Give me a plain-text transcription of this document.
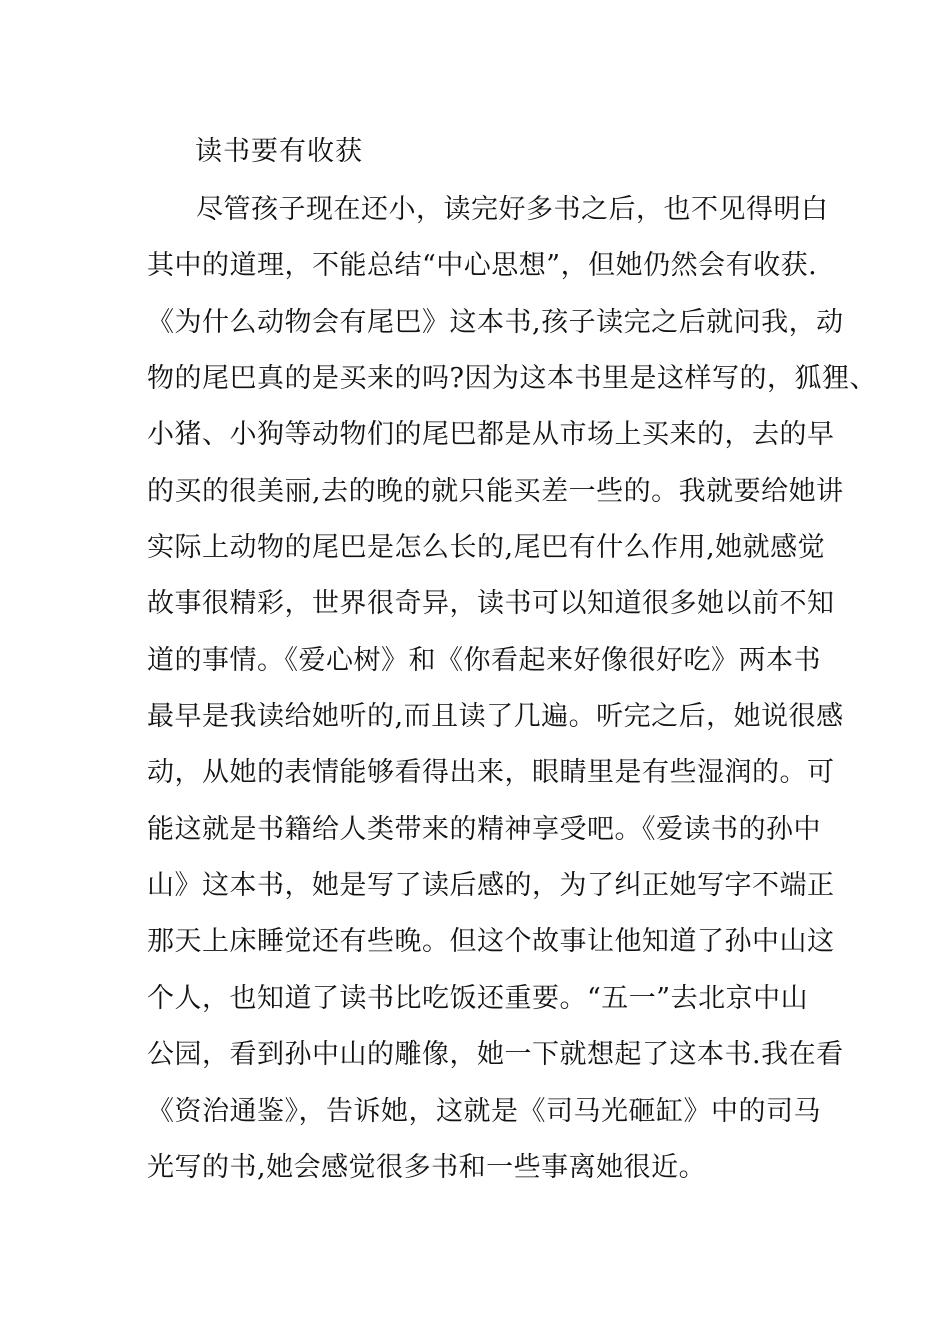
读书要有收获
尽管孩子现在还小，读完好多书之后，也不见得明白
其中的道理，不能总结“中心思想”，但她仍然会有收获.
《为什么动物会有尾巴》这本书,孩子读完之后就问我，动
物的尾巴真的是买来的吗?因为这本书里是这样写的，狐狸、
小猪、小狗等动物们的尾巴都是从市场上买来的，去的早
的买的很美丽,去的晚的就只能买差一些的。我就要给她讲
实际上动物的尾巴是怎么长的,尾巴有什么作用,她就感觉
故事很精彩，世界很奇异，读书可以知道很多她以前不知
道的事情。《爱心树》和《你看起来好像很好吃》两本书
最早是我读给她听的,而且读了几遍。听完之后，她说很感
动，从她的表情能够看得出来，眼睛里是有些湿润的。可
能这就是书籍给人类带来的精神享受吧。《爱读书的孙中
山》这本书，她是写了读后感的，为了纠正她写字不端正
那天上床睡觉还有些晚。但这个故事让他知道了孙中山这
个人，也知道了读书比吃饭还重要。“五一”去北京中山
公园，看到孙中山的雕像，她一下就想起了这本书.我在看
《资治通鉴》，告诉她，这就是《司马光砸缸》中的司马
光写的书,她会感觉很多书和一些事离她很近。
